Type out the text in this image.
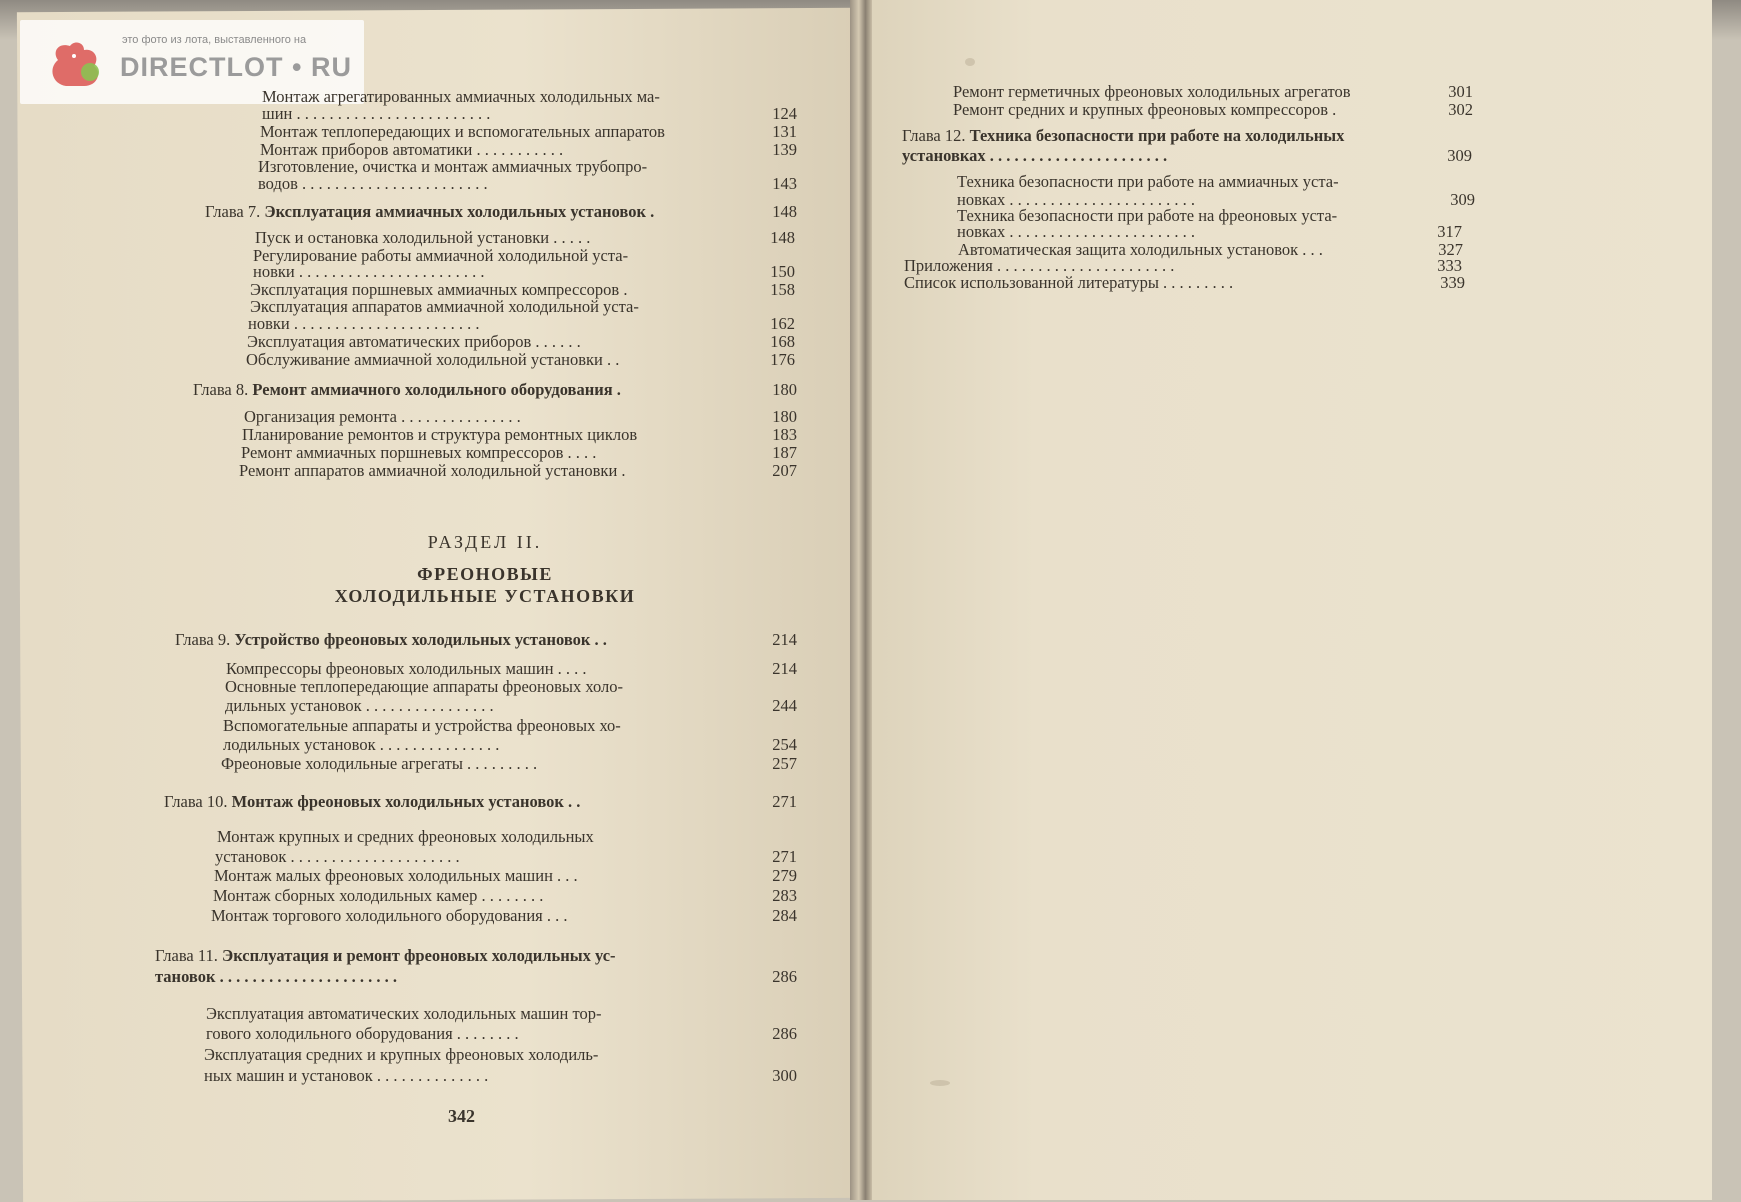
это фото из лота, выставленного на
DIRECTLOT • RU
Монтаж агрегатированных аммиачных холодильных ма-
шин . . . . . . . . . . . . . . . . . . . . . . . .	124
Монтаж теплопередающих и вспомогательных аппаратов	131
Монтаж приборов автоматики . . . . . . . . . . .	139
Изготовление, очистка и монтаж аммиачных трубопро-
водов . . . . . . . . . . . . . . . . . . . . . . .	143
Глава 7. Эксплуатация аммиачных холодильных установок .	148
Пуск и остановка холодильной установки . . . . .	148
Регулирование работы аммиачной холодильной уста-
новки . . . . . . . . . . . . . . . . . . . . . . .	150
Эксплуатация поршневых аммиачных компрессоров .	158
Эксплуатация аппаратов аммиачной холодильной уста-
новки . . . . . . . . . . . . . . . . . . . . . . .	162
Эксплуатация автоматических приборов . . . . . .	168
Обслуживание аммиачной холодильной установки . .	176
Глава 8. Ремонт аммиачного холодильного оборудования .	180
Организация ремонта . . . . . . . . . . . . . . .	180
Планирование ремонтов и структура ремонтных циклов	183
Ремонт аммиачных поршневых компрессоров . . . .	187
Ремонт аппаратов аммиачной холодильной установки .	207
РАЗДЕЛ II.
ФРЕОНОВЫЕ
ХОЛОДИЛЬНЫЕ УСТАНОВКИ
Глава 9. Устройство фреоновых холодильных установок . .	214
Компрессоры фреоновых холодильных машин . . . .	214
Основные теплопередающие аппараты фреоновых холо-
дильных установок . . . . . . . . . . . . . . . .	244
Вспомогательные аппараты и устройства фреоновых хо-
лодильных установок . . . . . . . . . . . . . . .	254
Фреоновые холодильные агрегаты . . . . . . . . .	257
Глава 10. Монтаж фреоновых холодильных установок . .	271
Монтаж крупных и средних фреоновых холодильных
установок . . . . . . . . . . . . . . . . . . . . .	271
Монтаж малых фреоновых холодильных машин . . .	279
Монтаж сборных холодильных камер . . . . . . . .	283
Монтаж торгового холодильного оборудования . . .	284
Глава 11. Эксплуатация и ремонт фреоновых холодильных ус-
тановок . . . . . . . . . . . . . . . . . . . . . .	286
Эксплуатация автоматических холодильных машин тор-
гового холодильного оборудования . . . . . . . .	286
Эксплуатация средних и крупных фреоновых холодиль-
ных машин и установок . . . . . . . . . . . . . .	300
342
Ремонт герметичных фреоновых холодильных агрегатов	301
Ремонт средних и крупных фреоновых компрессоров .	302
Глава 12. Техника безопасности при работе на холодильных
установках . . . . . . . . . . . . . . . . . . . . . .	309
Техника безопасности при работе на аммиачных уста-
новках . . . . . . . . . . . . . . . . . . . . . . .	309
Техника безопасности при работе на фреоновых уста-
новках . . . . . . . . . . . . . . . . . . . . . . .	317
Автоматическая защита холодильных установок . . .	327
Приложения . . . . . . . . . . . . . . . . . . . . . .	333
Список использованной литературы . . . . . . . . .	339
